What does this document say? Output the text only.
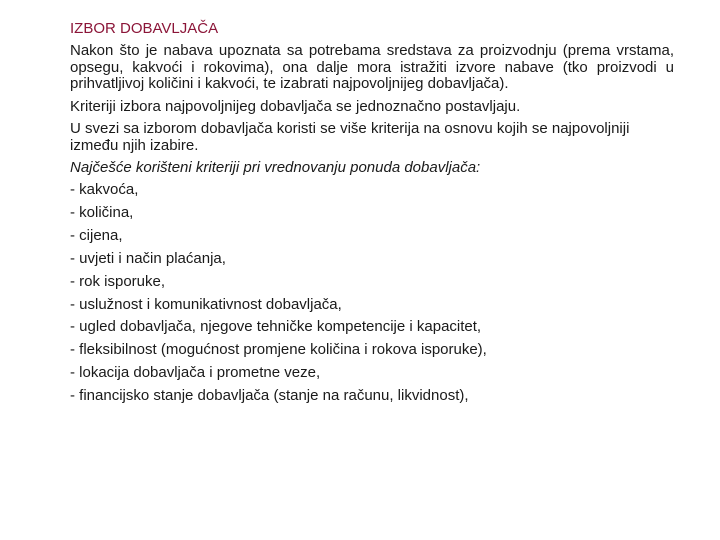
IZBOR DOBAVLJAČA

Nakon što je nabava upoznata sa potrebama sredstava za proizvodnju (prema vrstama, opsegu, kakvoći i rokovima), ona dalje mora istražiti izvore nabave (tko proizvodi u prihvatljivoj količini i kakvoći, te izabrati najpovoljnijeg dobavljača).

Kriteriji izbora najpovoljnijeg dobavljača se jednoznačno postavljaju.

U svezi sa izborom dobavljača koristi se više kriterija na osnovu kojih se najpovoljniji između njih izabire.

Najčešće korišteni kriteriji pri vrednovanju ponuda dobavljača:

- kakvoća,
- količina,
- cijena,
- uvjeti i način plaćanja,
- rok isporuke,
- uslužnost i komunikativnost dobavljača,
- ugled dobavljača, njegove tehničke kompetencije i kapacitet,
- fleksibilnost (mogućnost promjene količina i rokova isporuke),
- lokacija dobavljača i prometne veze,
- financijsko stanje dobavljača (stanje na računu, likvidnost),
